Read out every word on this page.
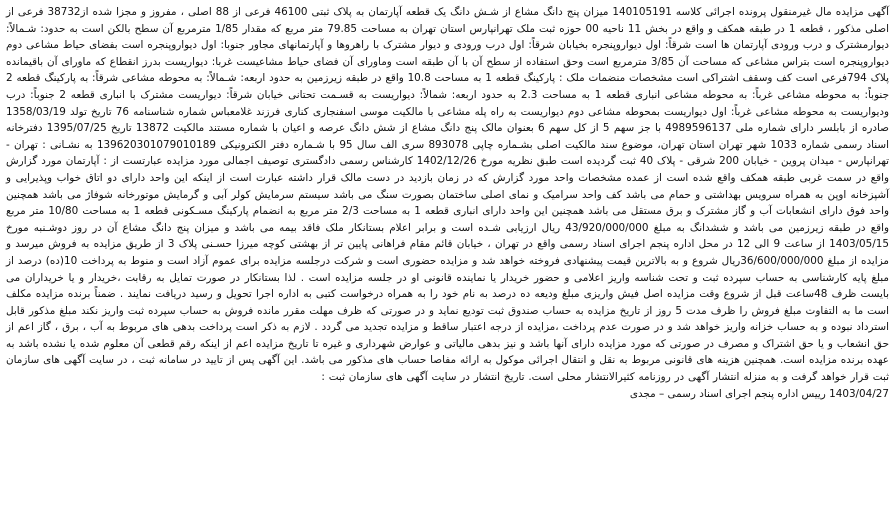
آگهی مزایده مال غیرمنقول پرونده اجرائی کلاسه 140105191 میزان پنج دانگ مشاع از شـش دانگ یک قطعه آپارتمان به پلاک ثبتی 46100 فرعی از 88 اصلی ، مفروز و مجزا شده از38732 فرعی از اصلی مذکور ، قطعه 1 در طبقه همکف و واقع در بخش 11 ناحیه 00 حوزه ثبت ملک تهرانپارس استان تهران به مساحت 79.85 متر مربع که مقدار 1/85 مترمربع آن سطح بالکن است به حدود: شـمالاً: دیوارمشترک و درب ورودی آپارتمان ها است شرقاً: اول دیواروپنجره بخیابان شرقاً: اول درب ورودی و دیوار مشترک با راهروها و آپارتمانهای مجاور جنوبا: اول دیواروپنجره است بفضای حیاط مشاعی دوم دیواروپنجره است بتراس مشاعی که مساحت آن 3/85 مترمربع است وحق استفاده از سطح آن با آن طبقه است وماورای آن فضای حیاط مشاعیست غربا: دیواریست بدرز انقطاع که ماورای آن باقیمانده پلاک 794فرعی است کف وسقف اشتراکی است مشخصات منضمات ملک : پارکینگ قطعه 1 به مساحت 10.8 واقع در طبقه زیرزمین به حدود اربعه: شـمالاً: به محوطه مشاعی شرقاً: به پارکینگ قطعه 2 جنوباً: به محوطه مشاعی غرباً: به محوطه مشاعی انباری قطعه 1 به مساحت 2.3 به حدود اربعه: شمالاً: دیواریست به قسـمت تحتانی خیابان شرقاً: دیواریست مشترک با انباری قطعه 2 جنوباً: درب ودیواریست به محوطه مشاعی غرباً: اول دیواریست بمحوطه مشاعی دوم دیواریست به راه پله مشاعی با مالکیت موسی اسفنجاری کناری فرزند غلامعباس شماره شناسنامه 76 تاریخ تولد 1358/03/19 صادره از بابلسر دارای شماره ملی 4989596137 با جز سهم 5 از کل سهم 6 بعنوان مالک پنج دانگ مشاع از شش دانگ عرصه و اعیان با شماره مستند مالکیت 13872 تاریخ 1395/07/25 دفترخانه اسناد رسمی شماره 1033 شهر تهران استان تهران، موضوع سند مالکیت اصلی بشـماره چاپی 893078 سری الف سال 95 با شـماره دفتر الکترونیکی 139620301079010189 به نشـانی : تهران - تهرانپارس - میدان پروین - خیابان 200 شرقی - پلاک 40 ثبت گردیده است طبق نظریه مورخ 1402/12/26 کارشناس رسمی دادگستری توصیف اجمالی مورد مزایده عبارتست از : آپارتمان مورد گزارش واقع در سمت غربی طبقه همکف واقع شده است از عمده مشخصات واحد مورد گزارش که در زمان بازدید در دست مالک قرار داشته عبارت است از اینکه این واحد دارای دو اتاق خواب وپذیرایی و آشپزخانه اوپن به همراه سرویس بهداشتی و حمام می باشد کف واحد سرامیک و نمای اصلی ساختمان بصورت سنگ می باشد سیستم سرمایش کولر آبی و گرمایش موتورخانه شوفاژ می باشد همچنین واحد فوق دارای انشعابات آب و گاز مشترک و برق مستقل می باشد همچنین این واحد دارای انباری قطعه 1 به مساحت 2/3 متر مربع به انضمام پارکینگ مسـکونی قطعه 1 به مساحت 10/80 متر مربع واقع در طبقه زیرزمین می باشد و ششدانگ به مبلغ 43/920/000/000 ریال ارزیابی شـده است و برابر اعلام بستانکار ملک فاقد بیمه می باشد و میزان پنج دانگ مشاع آن در روز دوشـنبه مورخ 1403/05/15 از ساعت 9 الی 12 در محل اداره پنجم اجرای اسناد رسمی واقع در تهران ، خیابان قائم مقام فراهانی پایین تر از بهشتی کوچه میرزا حسـنی پلاک 3 از طریق مزایده به فروش میرسد و مزایده از مبلغ 36/600/000/000ریال شروع و به بالاترین قیمت پیشنهادی فروخته خواهد شد و مزایده حضوری است و شرکت درجلسه مزایده برای عموم آزاد است و منوط به پرداخت 10(ده) درصد از مبلغ پایه کارشناسی به حساب سپرده ثبت و تحت شناسه واریز اعلامی و حضور خریدار یا نماینده قانونی او در جلسه مزایده است . لذا بستانکار در صورت تمایل به رقابت ،خریدار و یا خریداران می بایست ظرف 48ساعت قبل از شروع وقت مزایده اصل فیش واریزی مبلغ ودیعه ده درصد به نام خود را به همراه درخواست کتبی به اداره اجرا تحویل و رسید دریافت نمایند . ضمناً برنده مزایده مکلف است ما به التفاوت مبلغ فروش را ظرف مدت 5 روز از تاریخ مزایده به حساب صندوق ثبت تودیع نماید و در صورتی که ظرف مهلت مقرر مانده فروش به حساب سپرده ثبت واریز نکند مبلغ مذکور قابل استرداد نبوده و به حساب خزانه واریز خواهد شد و در صورت عدم پرداخت ،مزایده از درجه اعتبار ساقط و مزایده تجدید می گردد . لازم به ذکر است پرداخت بدهی های مربوط به آب ، برق ، گاز اعم از حق انشعاب و یا حق اشتراک و مصرف در صورتی که مورد مزایده دارای آنها باشد و نیز بدهی مالیاتی و عوارض شهرداری و غیره تا تاریخ مزایده اعم از اینکه رقم قطعی آن معلوم شده یا نشده باشد به عهده برنده مزایده است. همچنین هزینه های قانونی مربوط به نقل و انتقال اجرائی موکول به ارائه مفاصا حساب های مذکور می باشد. این آگهی پس از تایید در سامانه ثبت ، در سایت آگهی های سازمان ثبت قرار خواهد گرفت و به منزله انتشار آگهی در روزنامه کثیرالانتشار محلی است. تاریخ انتشار در سایت آگهی های سازمان ثبت :

1403/04/27 رییس اداره پنجم اجرای اسناد رسمی – مجدی
